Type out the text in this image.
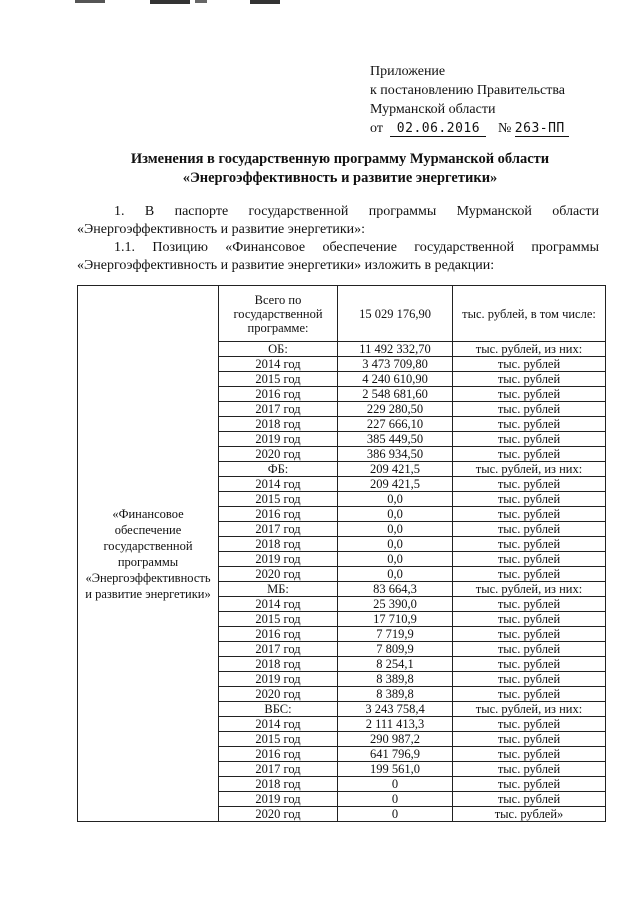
Приложение
к постановлению Правительства
Мурманской области
от 02.06.2016 № 263-ПП
Изменения в государственную программу Мурманской области
«Энергоэффективность и развитие энергетики»
1. В паспорте государственной программы Мурманской области «Энергоэффективность и развитие энергетики»:
1.1. Позицию «Финансовое обеспечение государственной программы «Энергоэффективность и развитие энергетики» изложить в редакции:
«Финансовое обеспечение государственной программы «Энергоэффективность и развитие энергетики»	Всего по государственной программе:	15 029 176,90	тыс. рублей, в том числе:
	ОБ:	11 492 332,70	тыс. рублей, из них:
	2014 год	3 473 709,80	тыс. рублей
	2015 год	4 240 610,90	тыс. рублей
	2016 год	2 548 681,60	тыс. рублей
	2017 год	229 280,50	тыс. рублей
	2018 год	227 666,10	тыс. рублей
	2019 год	385 449,50	тыс. рублей
	2020 год	386 934,50	тыс. рублей
	ФБ:	209 421,5	тыс. рублей, из них:
	2014 год	209 421,5	тыс. рублей
	2015 год	0,0	тыс. рублей
	2016 год	0,0	тыс. рублей
	2017 год	0,0	тыс. рублей
	2018 год	0,0	тыс. рублей
	2019 год	0,0	тыс. рублей
	2020 год	0,0	тыс. рублей
	МБ:	83 664,3	тыс. рублей, из них:
	2014 год	25 390,0	тыс. рублей
	2015 год	17 710,9	тыс. рублей
	2016 год	7 719,9	тыс. рублей
	2017 год	7 809,9	тыс. рублей
	2018 год	8 254,1	тыс. рублей
	2019 год	8 389,8	тыс. рублей
	2020 год	8 389,8	тыс. рублей
	ВБС:	3 243 758,4	тыс. рублей, из них:
	2014 год	2 111 413,3	тыс. рублей
	2015 год	290 987,2	тыс. рублей
	2016 год	641 796,9	тыс. рублей
	2017 год	199 561,0	тыс. рублей
	2018 год	0	тыс. рублей
	2019 год	0	тыс. рублей
	2020 год	0	тыс. рублей»
